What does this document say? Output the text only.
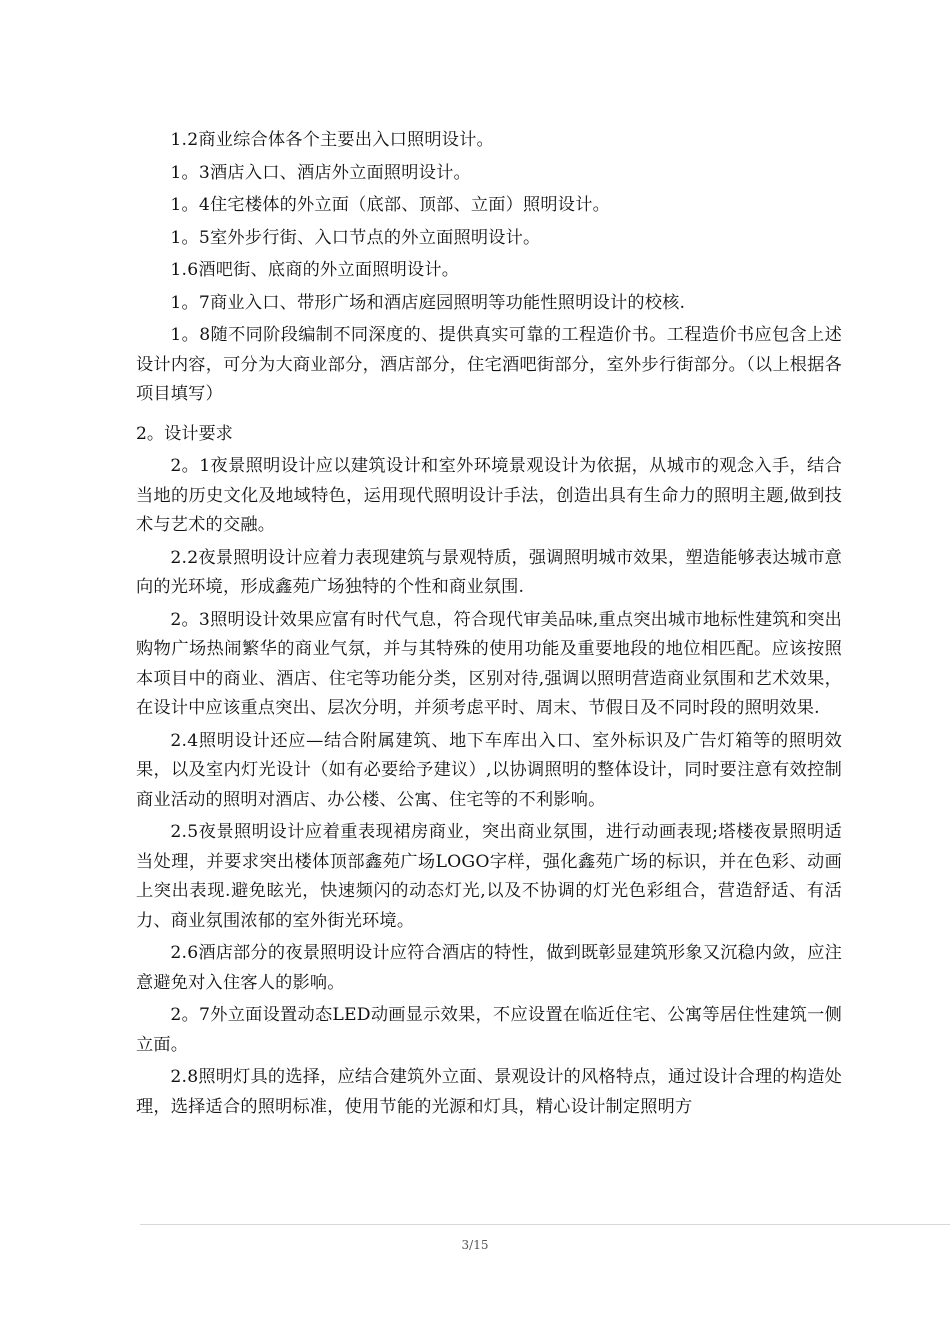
1.2商业综合体各个主要出入口照明设计。

1。3酒店入口、酒店外立面照明设计。

1。4住宅楼体的外立面（底部、顶部、立面）照明设计。

1。5室外步行街、入口节点的外立面照明设计。

1.6酒吧街、底商的外立面照明设计。

1。7商业入口、带形广场和酒店庭园照明等功能性照明设计的校核.

1。8随不同阶段编制不同深度的、提供真实可靠的工程造价书。工程造价书应包含上述设计内容，可分为大商业部分，酒店部分，住宅酒吧街部分，室外步行街部分。（以上根据各项目填写）

2。设计要求

2。1夜景照明设计应以建筑设计和室外环境景观设计为依据，从城市的观念入手，结合当地的历史文化及地域特色，运用现代照明设计手法，创造出具有生命力的照明主题,做到技术与艺术的交融。

2.2夜景照明设计应着力表现建筑与景观特质，强调照明城市效果，塑造能够表达城市意向的光环境，形成鑫苑广场独特的个性和商业氛围.

2。3照明设计效果应富有时代气息，符合现代审美品味,重点突出城市地标性建筑和突出购物广场热闹繁华的商业气氛，并与其特殊的使用功能及重要地段的地位相匹配。应该按照本项目中的商业、酒店、住宅等功能分类，区别对待,强调以照明营造商业氛围和艺术效果，在设计中应该重点突出、层次分明，并须考虑平时、周末、节假日及不同时段的照明效果.

2.4照明设计还应—结合附属建筑、地下车库出入口、室外标识及广告灯箱等的照明效果，以及室内灯光设计（如有必要给予建议）,以协调照明的整体设计，同时要注意有效控制商业活动的照明对酒店、办公楼、公寓、住宅等的不利影响。

2.5夜景照明设计应着重表现裙房商业，突出商业氛围，进行动画表现;塔楼夜景照明适当处理，并要求突出楼体顶部鑫苑广场LOGO字样，强化鑫苑广场的标识，并在色彩、动画上突出表现.避免眩光，快速频闪的动态灯光,以及不协调的灯光色彩组合，营造舒适、有活力、商业氛围浓郁的室外街光环境。

2.6酒店部分的夜景照明设计应符合酒店的特性，做到既彰显建筑形象又沉稳内敛，应注意避免对入住客人的影响。

2。7外立面设置动态LED动画显示效果，不应设置在临近住宅、公寓等居住性建筑一侧立面。

2.8照明灯具的选择，应结合建筑外立面、景观设计的风格特点，通过设计合理的构造处理，选择适合的照明标准，使用节能的光源和灯具，精心设计制定照明方

3/15
